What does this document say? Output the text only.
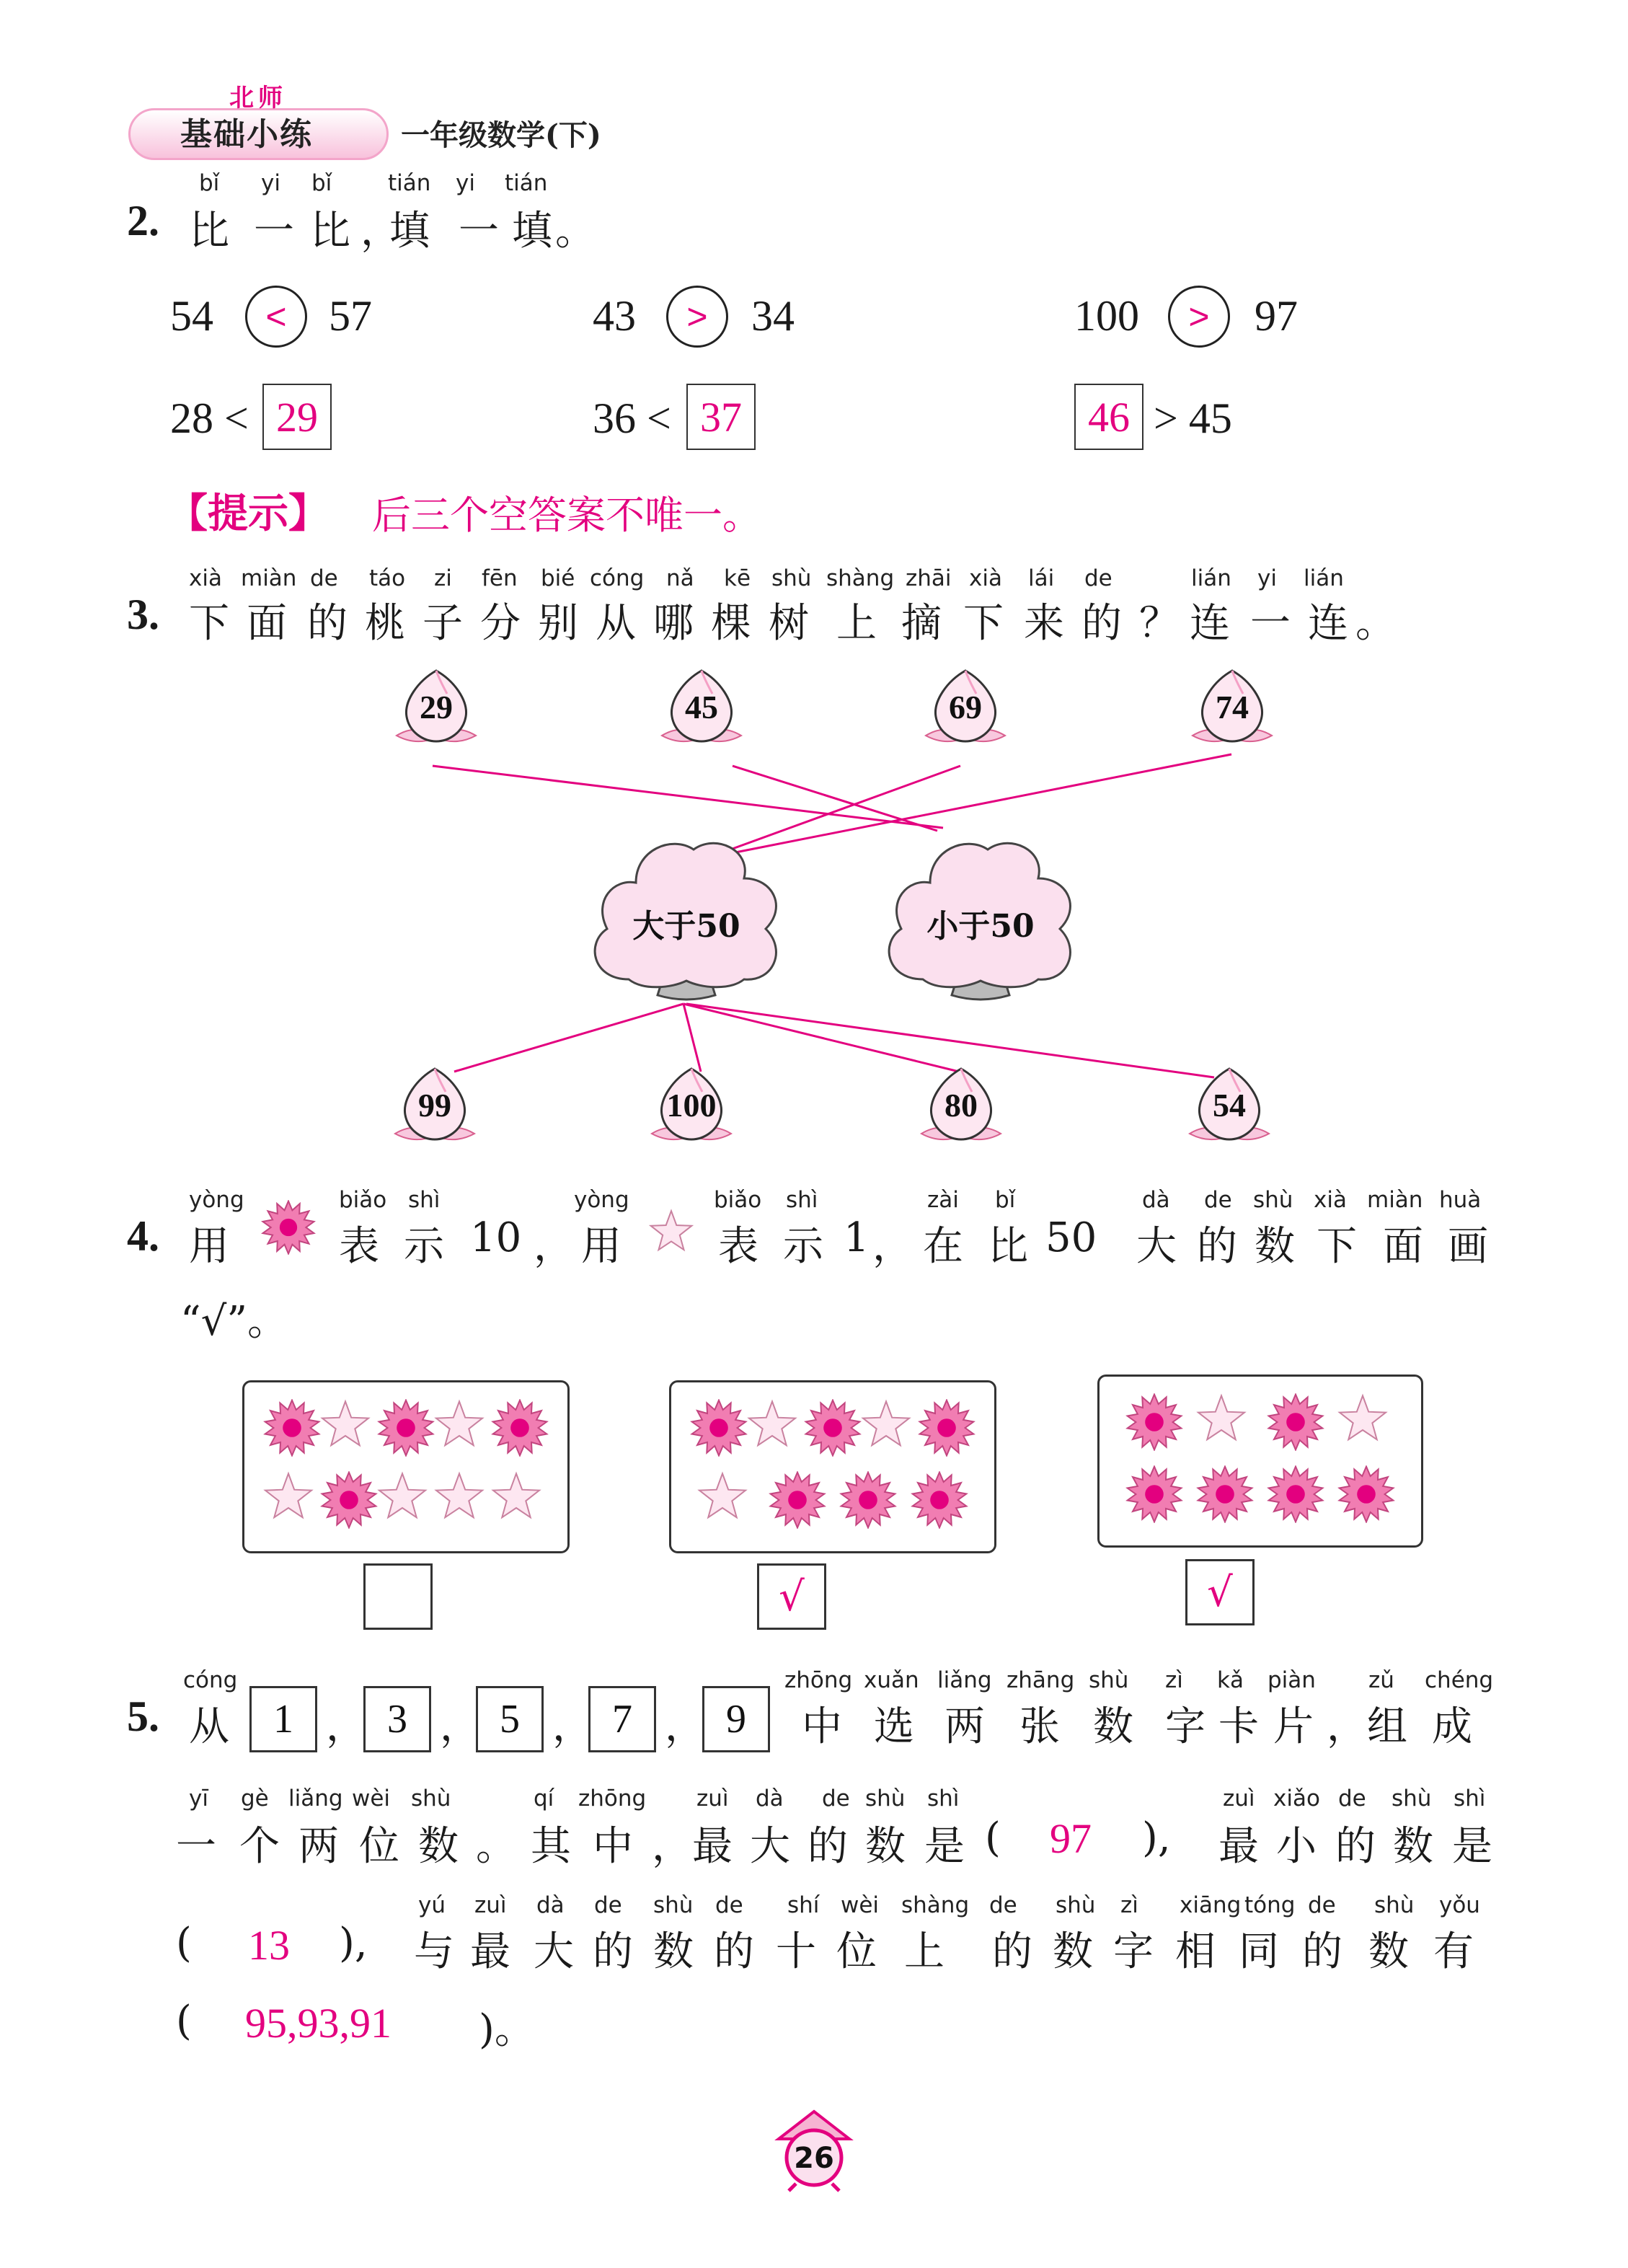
北师
基础小练	一年级数学(下)
2.
bǐ yi bǐ	tián yi tián
比 一 比 ，
填 一 填 。
54	< 57	43	>	34	100	>	97
28 < 29	36 < 37	46 > 45
【提示】 后三个空答案不唯一。
3.
xià miàn de táo zi fēn bié cóng nǎ kē shù shàng zhāi xià lái de	lián yi lián
下 面 的 桃 子 分 别 从 哪 棵 树 上 摘 下 来 的 ？ 连 一 连 。
29	45	69	74
大于50	小于50
99	100	80	54
4.
yòng	biǎo shì	yòng	biǎo shì	zài bǐ	dà de shù xià miàn huà
用	表 示 10 ， 用 表 示 1 ， 在 比 50 大 的 数 下 面 画
“√”。
√	√
5.
cóng	zhōng xuǎn liǎng zhāng shù zì kǎ piàn zǔ chéng
从	1 ， 3 ， 5 ， 7 ， 9	中 选 两 张 数 字 卡 片 ， 组 成
yī gè liǎng wèi shù	qí zhōng zuì dà de shù shì	zuì xiǎo de shù shì
一 个 两 位 数 。 其 中 ， 最 大 的 数 是 ( 97 ), 最 小 的 数 是
yú zuì dà de shù de shí wèi shàng de shù zì xiāng tóng de shù yǒu
( 13 ), 与 最 大 的 数 的 十 位 上 的 数 字 相 同 的 数 有
( 95,93,91 )。
26
